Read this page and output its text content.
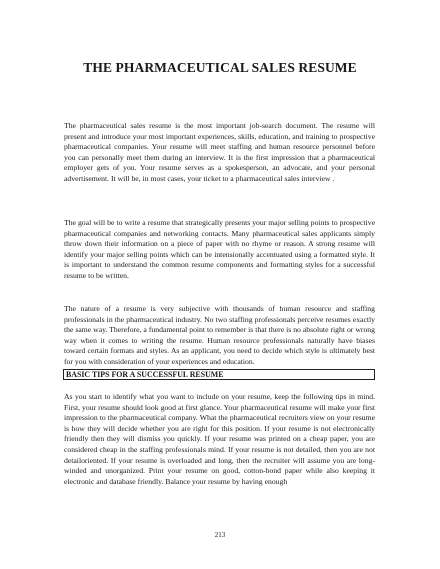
THE PHARMACEUTICAL SALES RESUME

The pharmaceutical sales resume is the most important job-search document. The resume will present and introduce your most important experiences, skills, education, and training to prospective pharmaceutical companies. Your resume will meet staffing and human resource personnel before you can personally meet them during an interview. It is the first impression that a pharmaceutical employer gets of you. Your resume serves as a spokesperson, an advocate, and your personal advertisement. It will be, in most cases, your ticket to a pharmaceutical sales interview .

The goal will be to write a resume that strategically presents your major selling points to prospective pharmaceutical companies and networking contacts. Many pharmaceutical sales applicants simply throw down their information on a piece of paper with no rhyme or reason. A strong resume will identify your major selling points which can be intensionally accentuated using a formatted style. It is important to understand the common resume components and formatting styles for a successful resume to be written.

The nature of a resume is very subjective with thousands of human resource and staffing professionals in the pharmaceutical industry. No two staffing professionals perceive resumes exactly the same way. Therefore, a fundamental point to remember is that there is no absolute right or wrong way when it comes to writing the resume. Human resource professionals naturally have biases toward certain formats and styles. As an applicant, you need to decide which style is ultimately best for you with consideration of your experiences and education.

BASIC TIPS FOR A SUCCESSFUL RESUME

As you start to identify what you want to include on your resume, keep the following tips in mind. First, your resume should look good at first glance. Your pharmaceutical resume will make your first impression to the pharmaceutical company. What the pharmaceutical recruiters view on your resume is how they will decide whether you are right for this position. If your resume is not electronically friendly then they will dismiss you quickly. If your resume was printed on a cheap paper, you are considered cheap in the staffing professionals mind. If your resume is not detailed, then you are not detailoriented. If your resume is overloaded and long, then the recruiter will assume you are long-winded and unorganized. Print your resume on good, cotton-bond paper while also keeping it electronic and database friendly. Balance your resume by having enough

213
